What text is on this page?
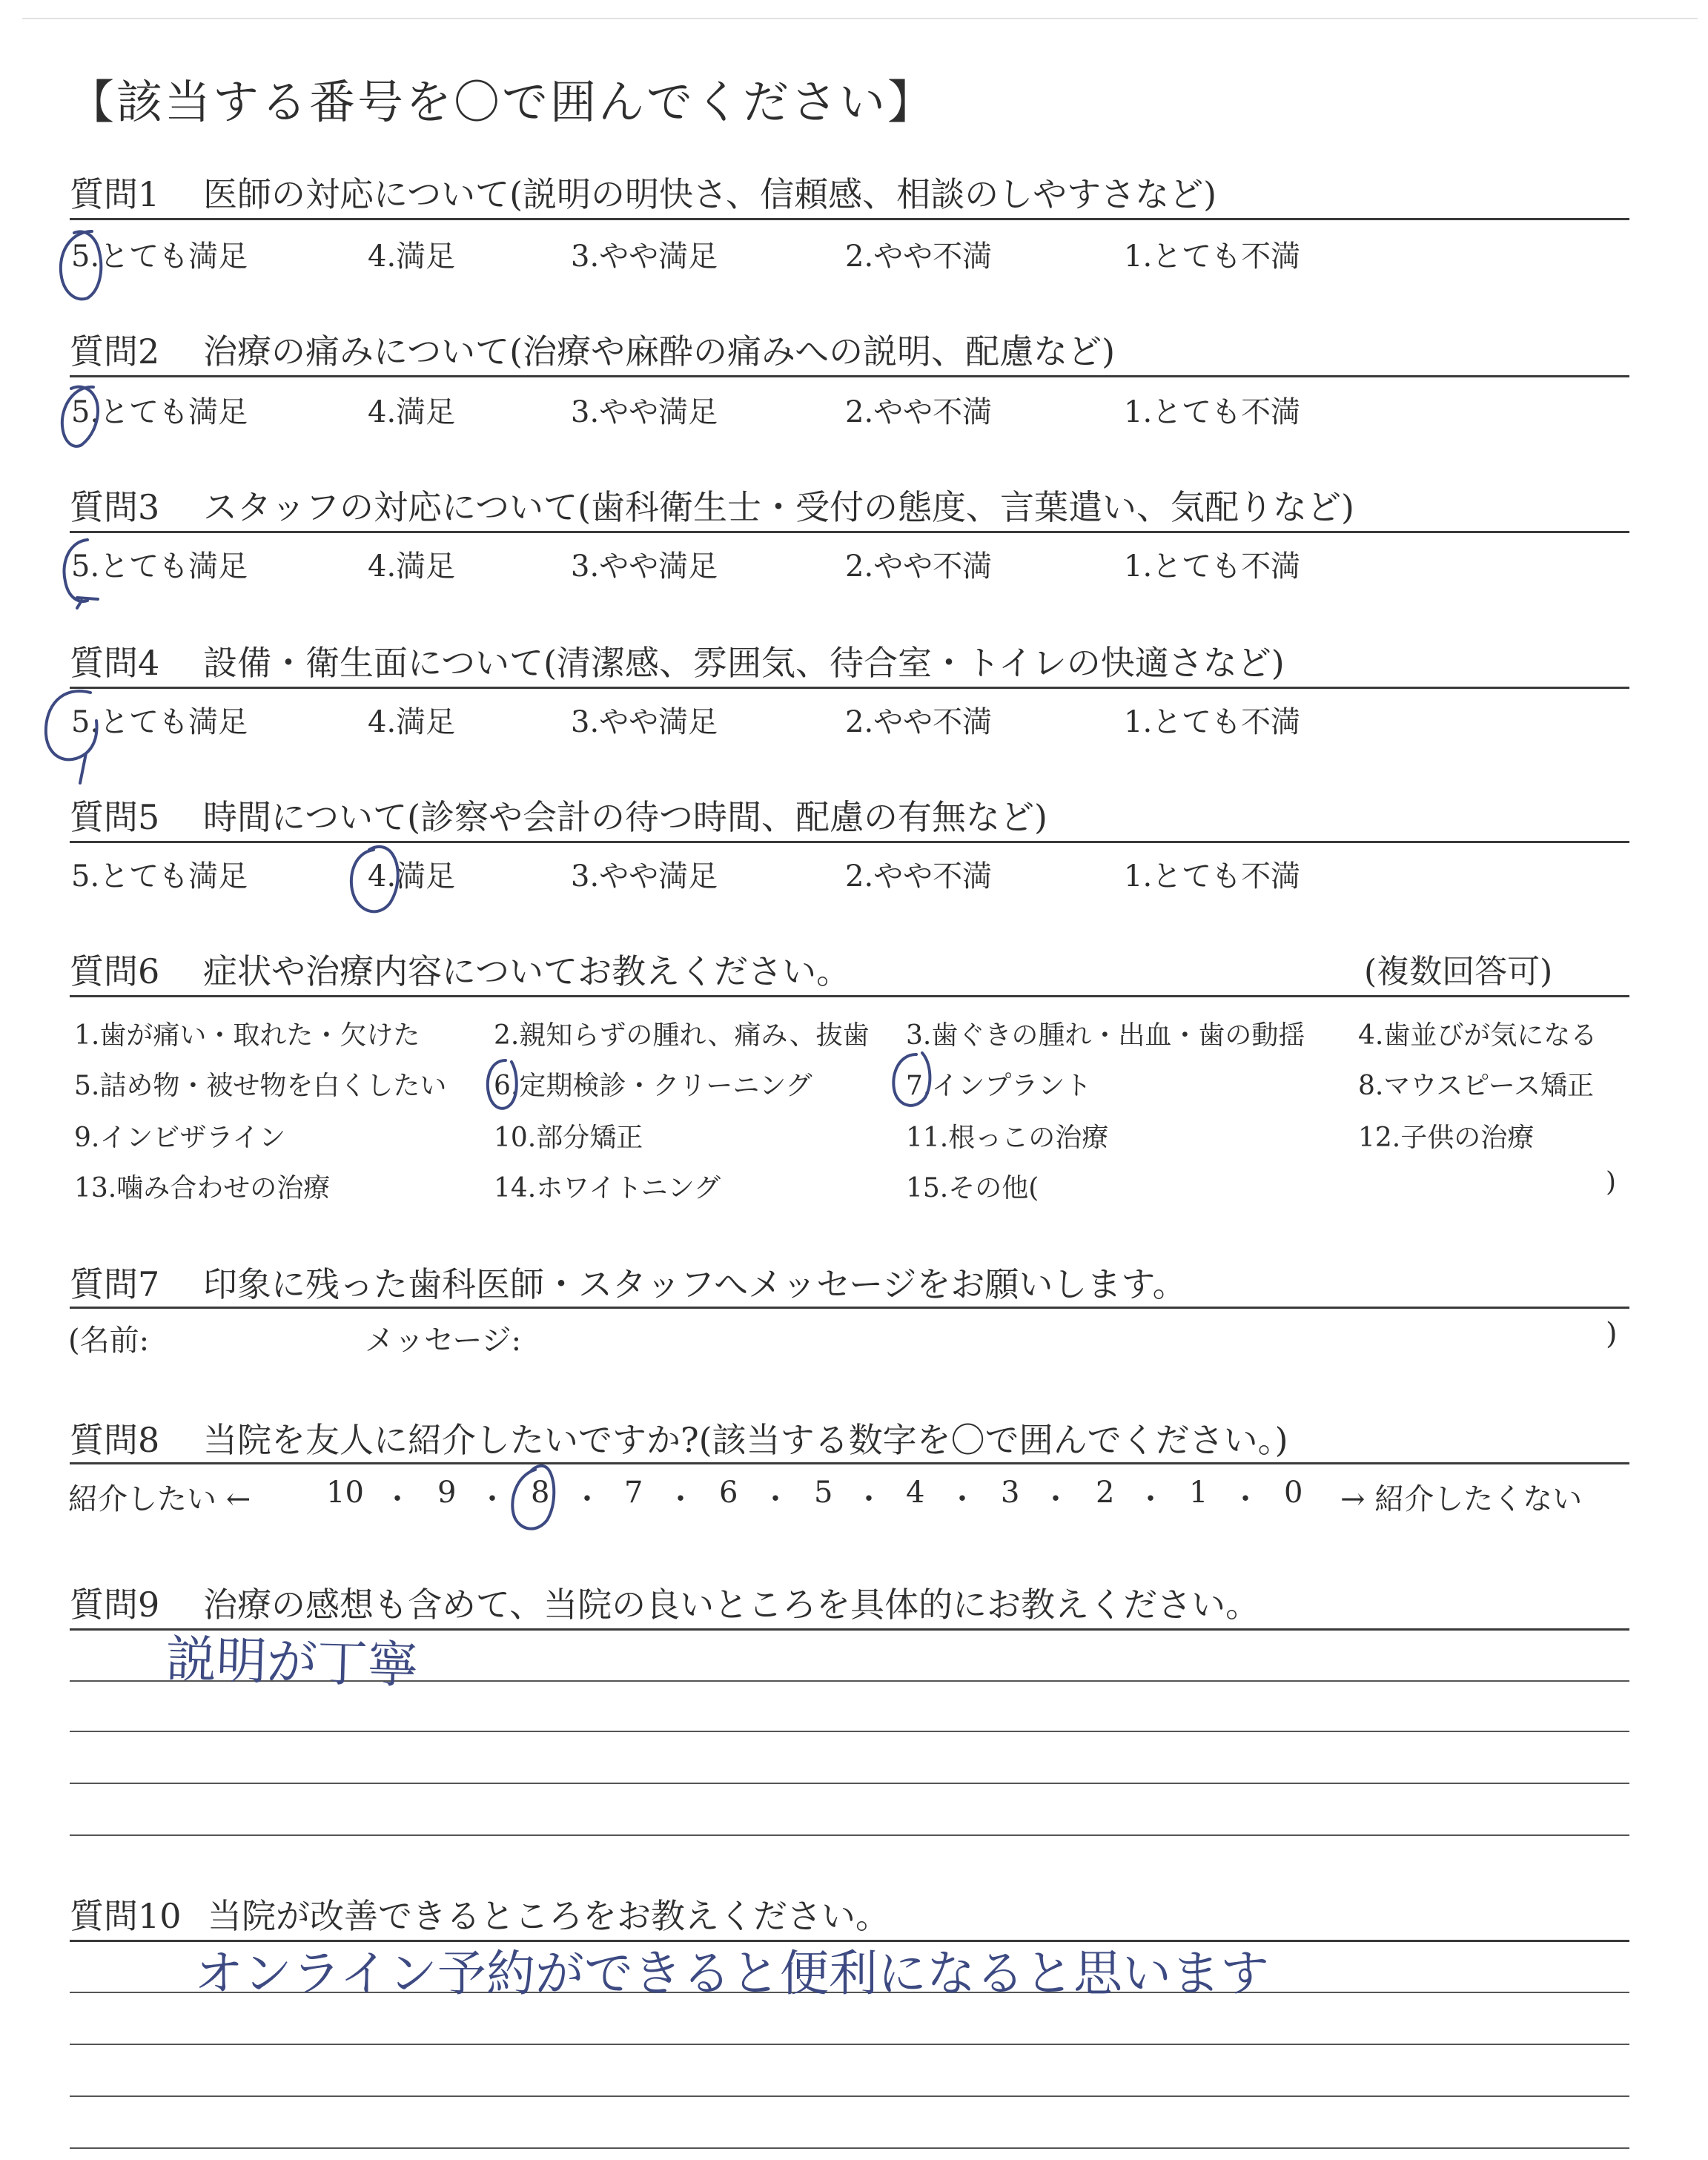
【該当する番号を〇で囲んでください】
質問1 医師の対応について(説明の明快さ、信頼感、相談のしやすさなど)
5.とても満足	4.満足	3.やや満足	2.やや不満	1.とても不満
質問2 治療の痛みについて(治療や麻酔の痛みへの説明、配慮など)
5.とても満足	4.満足	3.やや満足	2.やや不満	1.とても不満
質問3 スタッフの対応について(歯科衛生士・受付の態度、言葉遣い、気配りなど)
5.とても満足	4.満足	3.やや満足	2.やや不満	1.とても不満
質問4 設備・衛生面について(清潔感、雰囲気、待合室・トイレの快適さなど)
5.とても満足	4.満足	3.やや満足	2.やや不満	1.とても不満
質問5 時間について(診察や会計の待つ時間、配慮の有無など)
5.とても満足	4.満足	3.やや満足	2.やや不満	1.とても不満
質問6 症状や治療内容についてお教えください。	(複数回答可)
1.歯が痛い・取れた・欠けた	2.親知らずの腫れ、痛み、抜歯 3.歯ぐきの腫れ・出血・歯の動揺 4.歯並びが気になる
5.詰め物・被せ物を白くしたい 6.定期検診・クリーニング	7.インプラント	8.マウスピース矯正
9.インビザライン	10.部分矯正	11.根っこの治療	12.子供の治療
13.噛み合わせの治療	14.ホワイトニング	15.その他(	)
質問7 印象に残った歯科医師・スタッフへメッセージをお願いします。
(名前:	メッセージ:	)
質問8 当院を友人に紹介したいですか?(該当する数字を〇で囲んでください。)
紹介したい ←	10 ・ 9 ・ 8 ・ 7 ・ 6 ・ 5 ・ 4 ・ 3 ・ 2 ・ 1 ・ 0 → 紹介したくない
質問9 治療の感想も含めて、当院の良いところを具体的にお教えください。
説明が丁寧
質問10 当院が改善できるところをお教えください。
オンライン予約ができると便利になると思います
